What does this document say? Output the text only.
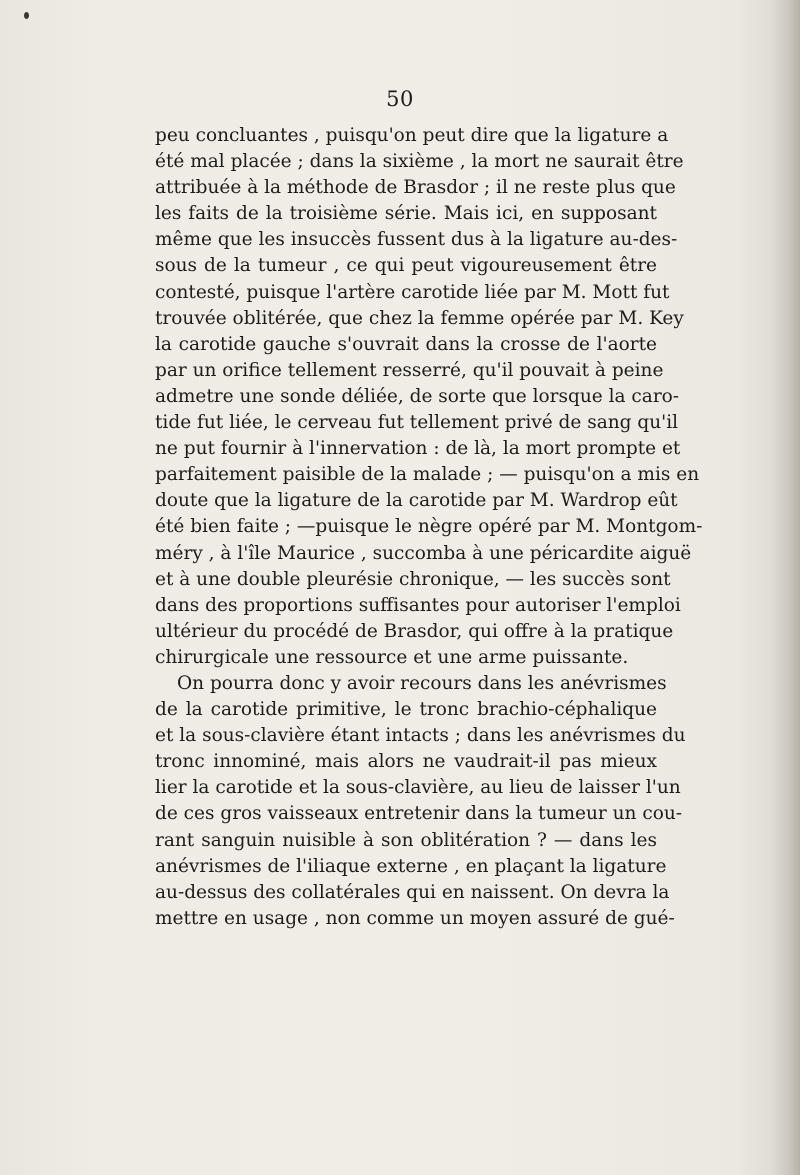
50
peu concluantes , puisqu'on peut dire que la ligature a
été mal placée ; dans la sixième , la mort ne saurait être
attribuée à la méthode de Brasdor ; il ne reste plus que
les faits de la troisième série. Mais ici, en supposant
même que les insuccès fussent dus à la ligature au-des-
sous de la tumeur , ce qui peut vigoureusement être
contesté, puisque l'artère carotide liée par M. Mott fut
trouvée oblitérée, que chez la femme opérée par M. Key
la carotide gauche s'ouvrait dans la crosse de l'aorte
par un orifice tellement resserré, qu'il pouvait à peine
admetre une sonde déliée, de sorte que lorsque la caro-
tide fut liée, le cerveau fut tellement privé de sang qu'il
ne put fournir à l'innervation : de là, la mort prompte et
parfaitement paisible de la malade ; — puisqu'on a mis en
doute que la ligature de la carotide par M. Wardrop eût
été bien faite ; —puisque le nègre opéré par M. Montgom-
méry , à l'île Maurice , succomba à une péricardite aiguë
et à une double pleurésie chronique, — les succès sont
dans des proportions suffisantes pour autoriser l'emploi
ultérieur du procédé de Brasdor, qui offre à la pratique
chirurgicale une ressource et une arme puissante.
On pourra donc y avoir recours dans les anévrismes
de la carotide primitive, le tronc brachio-céphalique
et la sous-clavière étant intacts ; dans les anévrismes du
tronc innominé, mais alors ne vaudrait-il pas mieux
lier la carotide et la sous-clavière, au lieu de laisser l'un
de ces gros vaisseaux entretenir dans la tumeur un cou-
rant sanguin nuisible à son oblitération ? — dans les
anévrismes de l'iliaque externe , en plaçant la ligature
au-dessus des collatérales qui en naissent. On devra la
mettre en usage , non comme un moyen assuré de gué-
